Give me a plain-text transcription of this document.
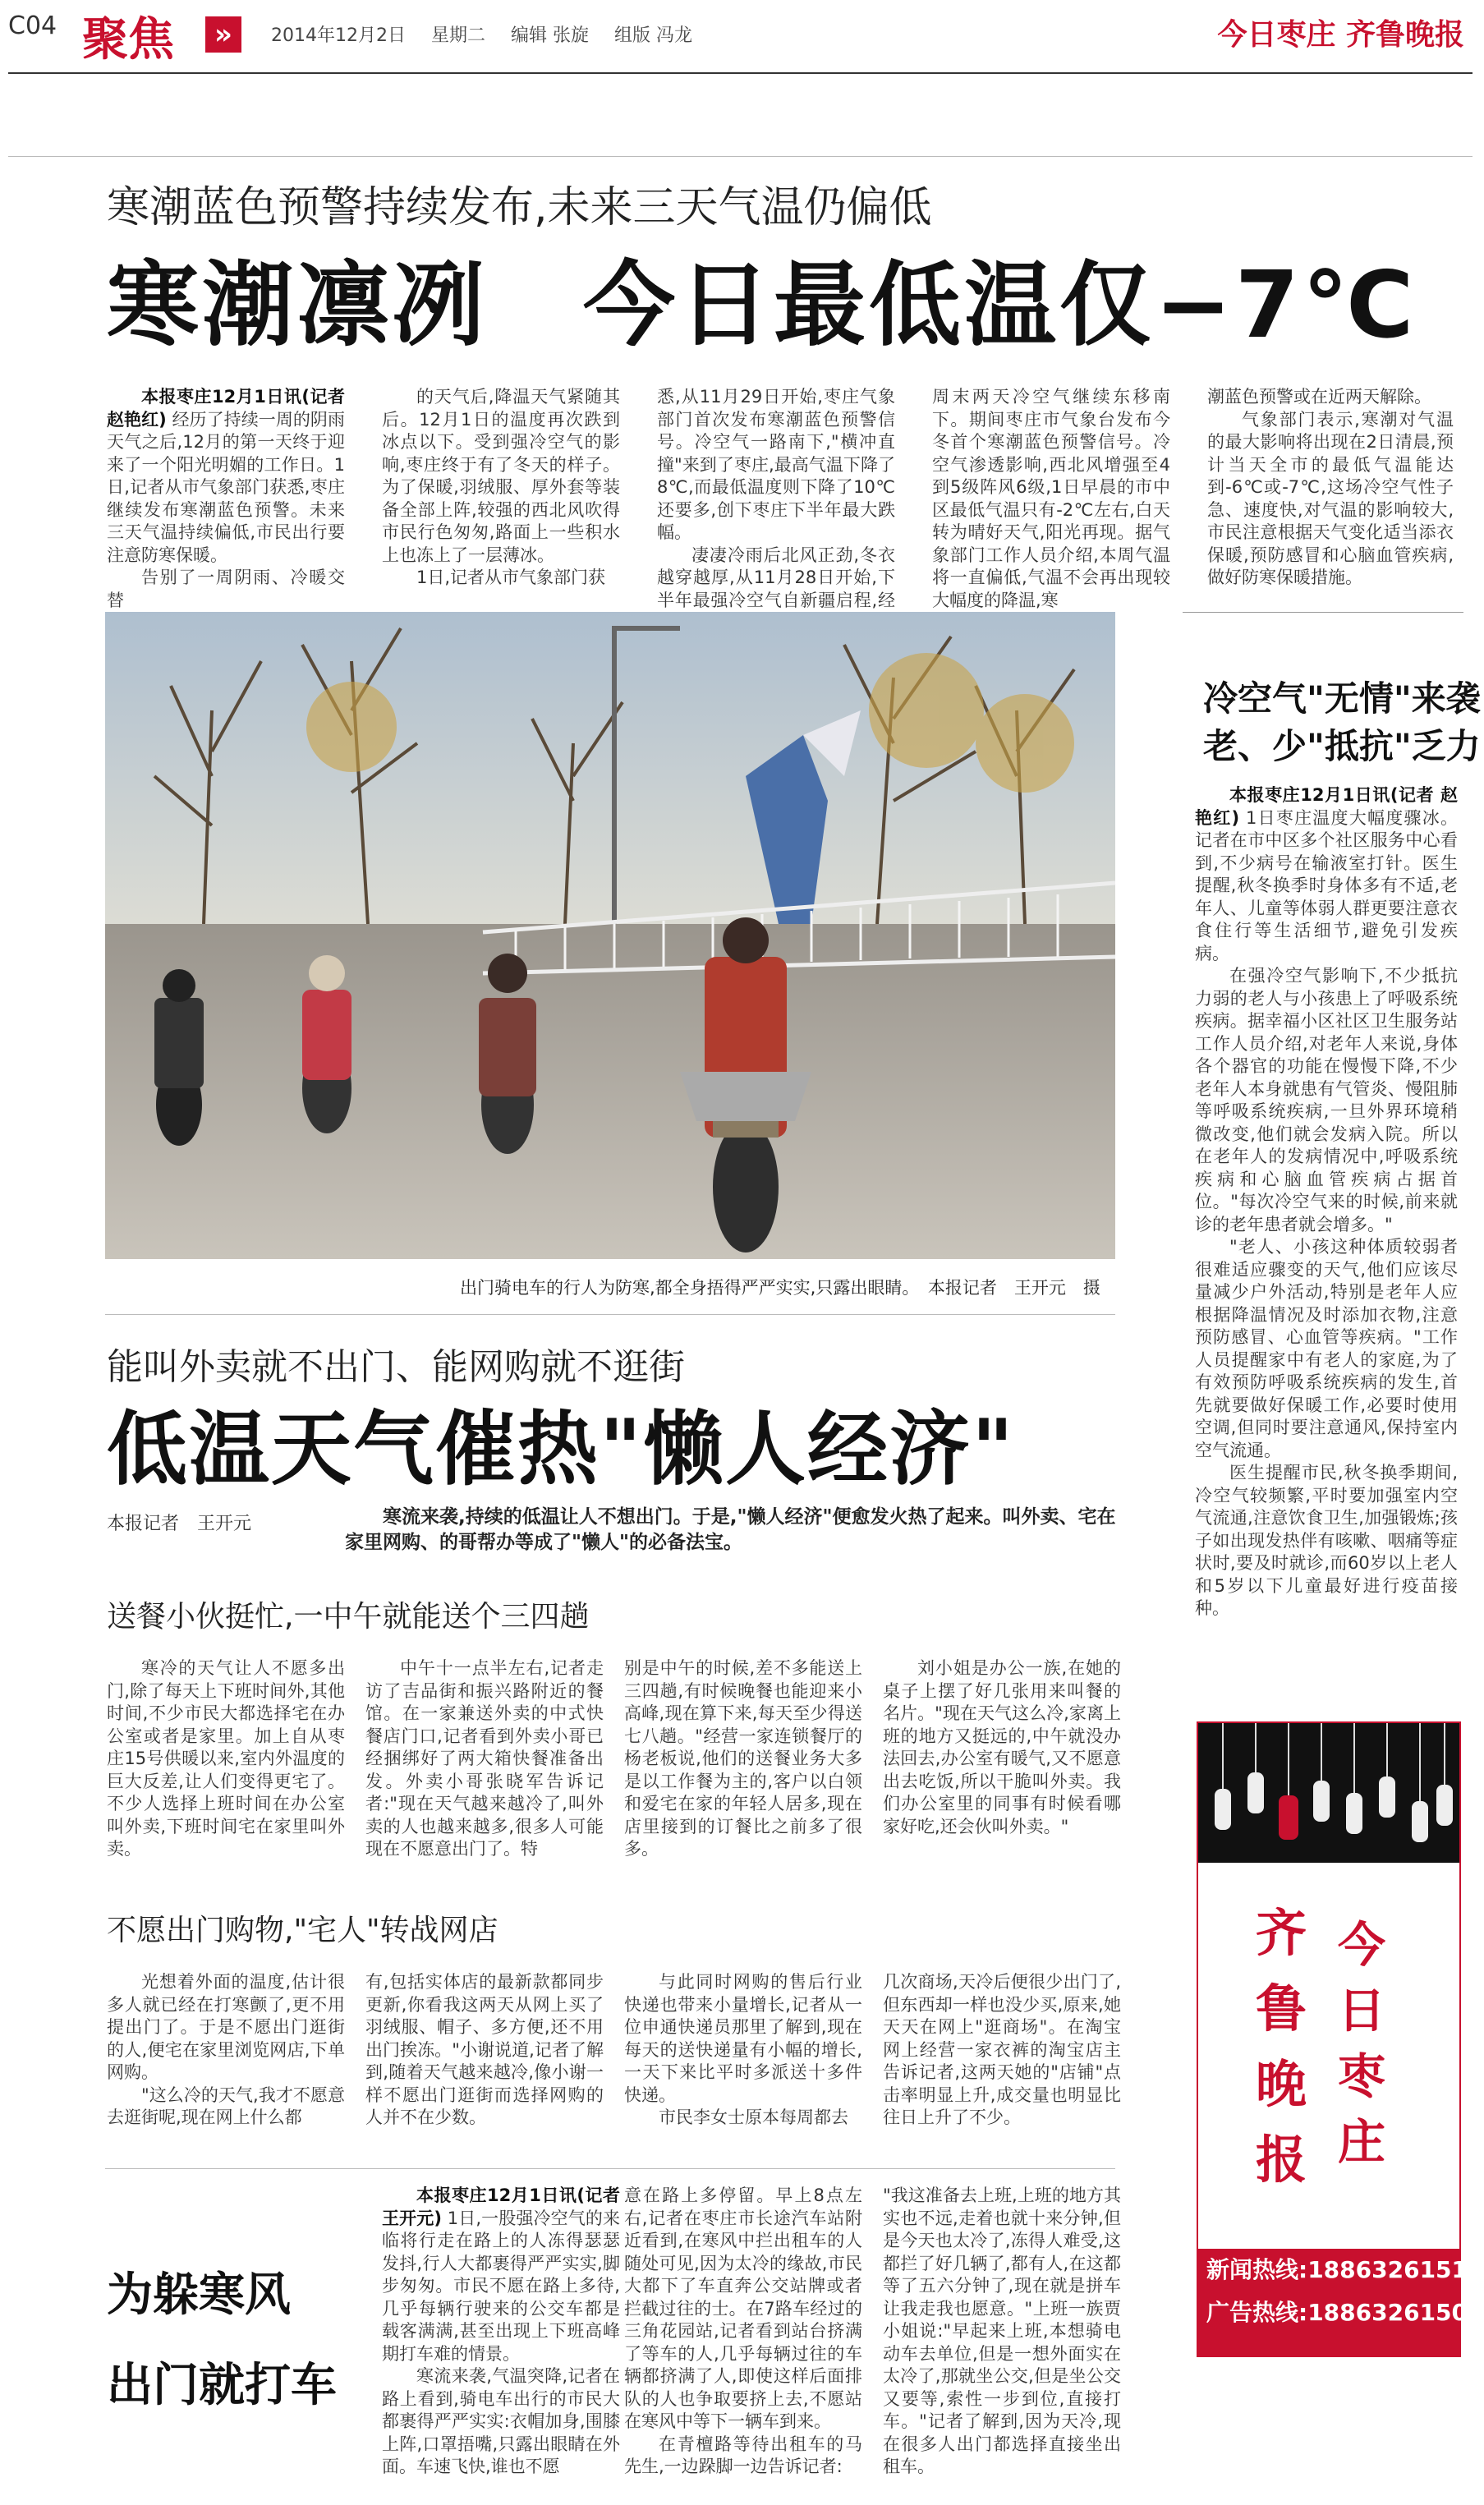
C04 聚焦	»	2014年12月2日 星期二 编辑 张旋 组版 冯龙	今日枣庄 齐鲁晚报
寒潮蓝色预警持续发布,未来三天气温仍偏低
寒潮凛冽　今日最低温仅−7℃

本报枣庄12月1日讯(记者 赵艳红) 经历了持续一周的阴雨天气之后,12月的第一天终于迎来了一个阳光明媚的工作日。1日,记者从市气象部门获悉,枣庄继续发布寒潮蓝色预警。未来三天气温持续偏低,市民出行要注意防寒保暖。

告别了一周阴雨、冷暖交替

的天气后,降温天气紧随其后。12月1日的温度再次跌到冰点以下。受到强冷空气的影响,枣庄终于有了冬天的样子。为了保暖,羽绒服、厚外套等装备全部上阵,较强的西北风吹得市民行色匆匆,路面上一些积水上也冻上了一层薄冰。

1日,记者从市气象部门获

悉,从11月29日开始,枣庄气象部门首次发布寒潮蓝色预警信号。冷空气一路南下,"横冲直撞"来到了枣庄,最高气温下降了8℃,而最低温度则下降了10℃还要多,创下枣庄下半年最大跌幅。

凄凄冷雨后北风正劲,冬衣越穿越厚,从11月28日开始,下半年最强冷空气自新疆启程,经

周末两天冷空气继续东移南下。期间枣庄市气象台发布今冬首个寒潮蓝色预警信号。冷空气渗透影响,西北风增强至4到5级阵风6级,1日早晨的市中区最低气温只有-2℃左右,白天转为晴好天气,阳光再现。据气象部门工作人员介绍,本周气温将一直偏低,气温不会再出现较大幅度的降温,寒

潮蓝色预警或在近两天解除。

气象部门表示,寒潮对气温的最大影响将出现在2日清晨,预计当天全市的最低气温能达到-6℃或-7℃,这场冷空气性子急、速度快,对气温的影响较大,市民注意根据天气变化适当添衣保暖,预防感冒和心脑血管疾病,做好防寒保暖措施。

出门骑电车的行人为防寒,都全身捂得严严实实,只露出眼睛。　本报记者　王开元　摄
冷空气"无情"来袭
老、少"抵抗"乏力

本报枣庄12月1日讯(记者 赵艳红) 1日枣庄温度大幅度骤冰。记者在市中区多个社区服务中心看到,不少病号在输液室打针。医生提醒,秋冬换季时身体多有不适,老年人、儿童等体弱人群更要注意衣食住行等生活细节,避免引发疾病。

在强冷空气影响下,不少抵抗力弱的老人与小孩患上了呼吸系统疾病。据幸福小区社区卫生服务站工作人员介绍,对老年人来说,身体各个器官的功能在慢慢下降,不少老年人本身就患有气管炎、慢阻肺等呼吸系统疾病,一旦外界环境稍微改变,他们就会发病入院。所以在老年人的发病情况中,呼吸系统疾病和心脑血管疾病占据首位。"每次冷空气来的时候,前来就诊的老年患者就会增多。"

"老人、小孩这种体质较弱者很难适应骤变的天气,他们应该尽量减少户外活动,特别是老年人应根据降温情况及时添加衣物,注意预防感冒、心血管等疾病。"工作人员提醒家中有老人的家庭,为了有效预防呼吸系统疾病的发生,首先就要做好保暖工作,必要时使用空调,但同时要注意通风,保持室内空气流通。

医生提醒市民,秋冬换季期间,冷空气较频繁,平时要加强室内空气流通,注意饮食卫生,加强锻炼;孩子如出现发热伴有咳嗽、咽痛等症状时,要及时就诊,而60岁以上老人和5岁以下儿童最好进行疫苗接种。

能叫外卖就不出门、能网购就不逛街
低温天气催热"懒人经济"
本报记者　王开元	寒流来袭,持续的低温让人不想出门。于是,"懒人经济"便愈发火热了起来。叫外卖、宅在家里网购、的哥帮办等成了"懒人"的必备法宝。
送餐小伙挺忙,一中午就能送个三四趟

寒冷的天气让人不愿多出门,除了每天上下班时间外,其他时间,不少市民大都选择宅在办公室或者是家里。加上自从枣庄15号供暖以来,室内外温度的巨大反差,让人们变得更宅了。不少人选择上班时间在办公室叫外卖,下班时间宅在家里叫外卖。

中午十一点半左右,记者走访了吉品街和振兴路附近的餐馆。在一家兼送外卖的中式快餐店门口,记者看到外卖小哥已经捆绑好了两大箱快餐准备出发。外卖小哥张晓军告诉记者:"现在天气越来越冷了,叫外卖的人也越来越多,很多人可能现在不愿意出门了。特

别是中午的时候,差不多能送上三四趟,有时候晚餐也能迎来小高峰,现在算下来,每天至少得送七八趟。"经营一家连锁餐厅的杨老板说,他们的送餐业务大多是以工作餐为主的,客户以白领和爱宅在家的年轻人居多,现在店里接到的订餐比之前多了很多。

刘小姐是办公一族,在她的桌子上摆了好几张用来叫餐的名片。"现在天气这么冷,家离上班的地方又挺远的,中午就没办法回去,办公室有暖气,又不愿意出去吃饭,所以干脆叫外卖。我们办公室里的同事有时候看哪家好吃,还会伙叫外卖。"

不愿出门购物,"宅人"转战网店

光想着外面的温度,估计很多人就已经在打寒颤了,更不用提出门了。于是不愿出门逛街的人,便宅在家里浏览网店,下单网购。

"这么冷的天气,我才不愿意去逛街呢,现在网上什么都

有,包括实体店的最新款都同步更新,你看我这两天从网上买了羽绒服、帽子、多方便,还不用出门挨冻。"小谢说道,记者了解到,随着天气越来越冷,像小谢一样不愿出门逛街而选择网购的人并不在少数。

与此同时网购的售后行业快递也带来小量增长,记者从一位申通快递员那里了解到,现在每天的送快递量有小幅的增长,一天下来比平时多派送十多件快递。

市民李女士原本每周都去

几次商场,天冷后便很少出门了,但东西却一样也没少买,原来,她天天在网上"逛商场"。在淘宝网上经营一家衣裤的淘宝店主告诉记者,这两天她的"店铺"点击率明显上升,成交量也明显比往日上升了不少。

齐鲁晚报
今日枣庄
新闻热线:18863261518
广告热线:18863261508
为躲寒风
出门就打车

本报枣庄12月1日讯(记者 王开元) 1日,一股强冷空气的来临将行走在路上的人冻得瑟瑟发抖,行人大都裹得严严实实,脚步匆匆。市民不愿在路上多待,几乎每辆行驶来的公交车都是载客满满,甚至出现上下班高峰期打车难的情景。

寒流来袭,气温突降,记者在路上看到,骑电车出行的市民大都裹得严严实实:衣帽加身,围膝上阵,口罩捂嘴,只露出眼睛在外面。车速飞快,谁也不愿

意在路上多停留。早上8点左右,记者在枣庄市长途汽车站附近看到,在寒风中拦出租车的人随处可见,因为太冷的缘故,市民大都下了车直奔公交站牌或者拦截过往的士。在7路车经过的三角花园站,记者看到站台挤满了等车的人,几乎每辆过往的车辆都挤满了人,即使这样后面排队的人也争取要挤上去,不愿站在寒风中等下一辆车到来。

在青檀路等待出租车的马先生,一边跺脚一边告诉记者:

"我这准备去上班,上班的地方其实也不远,走着也就十来分钟,但是今天也太冷了,冻得人难受,这都拦了好几辆了,都有人,在这都等了五六分钟了,现在就是拼车让我走我也愿意。"上班一族贾小姐说:"早起来上班,本想骑电动车去单位,但是一想外面实在太冷了,那就坐公交,但是坐公交又要等,索性一步到位,直接打车。"记者了解到,因为天冷,现在很多人出门都选择直接坐出租车。
